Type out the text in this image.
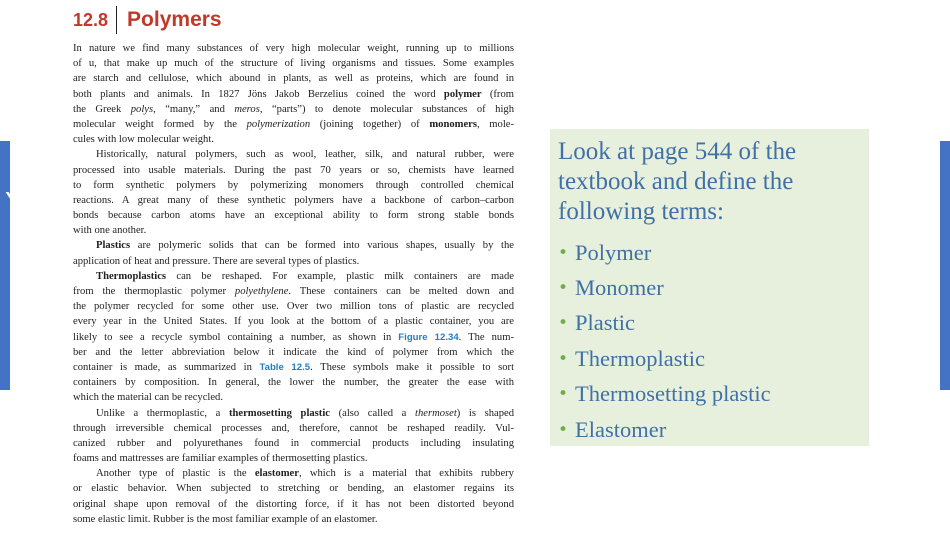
Y
12.8 Polymers
In nature we find many substances of very high molecular weight, running up to millions
of u, that make up much of the structure of living organisms and tissues. Some examples
are starch and cellulose, which abound in plants, as well as proteins, which are found in
both plants and animals. In 1827 Jöns Jakob Berzelius coined the word polymer (from
the Greek polys, “many,” and meros, “parts”) to denote molecular substances of high
molecular weight formed by the polymerization (joining together) of monomers, mole-
cules with low molecular weight.
Historically, natural polymers, such as wool, leather, silk, and natural rubber, were
processed into usable materials. During the past 70 years or so, chemists have learned
to form synthetic polymers by polymerizing monomers through controlled chemical
reactions. A great many of these synthetic polymers have a backbone of carbon–carbon
bonds because carbon atoms have an exceptional ability to form strong stable bonds
with one another.
Plastics are polymeric solids that can be formed into various shapes, usually by the
application of heat and pressure. There are several types of plastics.
Thermoplastics can be reshaped. For example, plastic milk containers are made
from the thermoplastic polymer polyethylene. These containers can be melted down and
the polymer recycled for some other use. Over two million tons of plastic are recycled
every year in the United States. If you look at the bottom of a plastic container, you are
likely to see a recycle symbol containing a number, as shown in Figure 12.34. The num-
ber and the letter abbreviation below it indicate the kind of polymer from which the
container is made, as summarized in Table 12.5. These symbols make it possible to sort
containers by composition. In general, the lower the number, the greater the ease with
which the material can be recycled.
Unlike a thermoplastic, a thermosetting plastic (also called a thermoset) is shaped
through irreversible chemical processes and, therefore, cannot be reshaped readily. Vul-
canized rubber and polyurethanes found in commercial products including insulating
foams and mattresses are familiar examples of thermosetting plastics.
Another type of plastic is the elastomer, which is a material that exhibits rubbery
or elastic behavior. When subjected to stretching or bending, an elastomer regains its
original shape upon removal of the distorting force, if it has not been distorted beyond
some elastic limit. Rubber is the most familiar example of an elastomer.

Look at page 544 of the textbook and define the following terms:

• Polymer
• Monomer
• Plastic
• Thermoplastic
• Thermosetting plastic
• Elastomer
